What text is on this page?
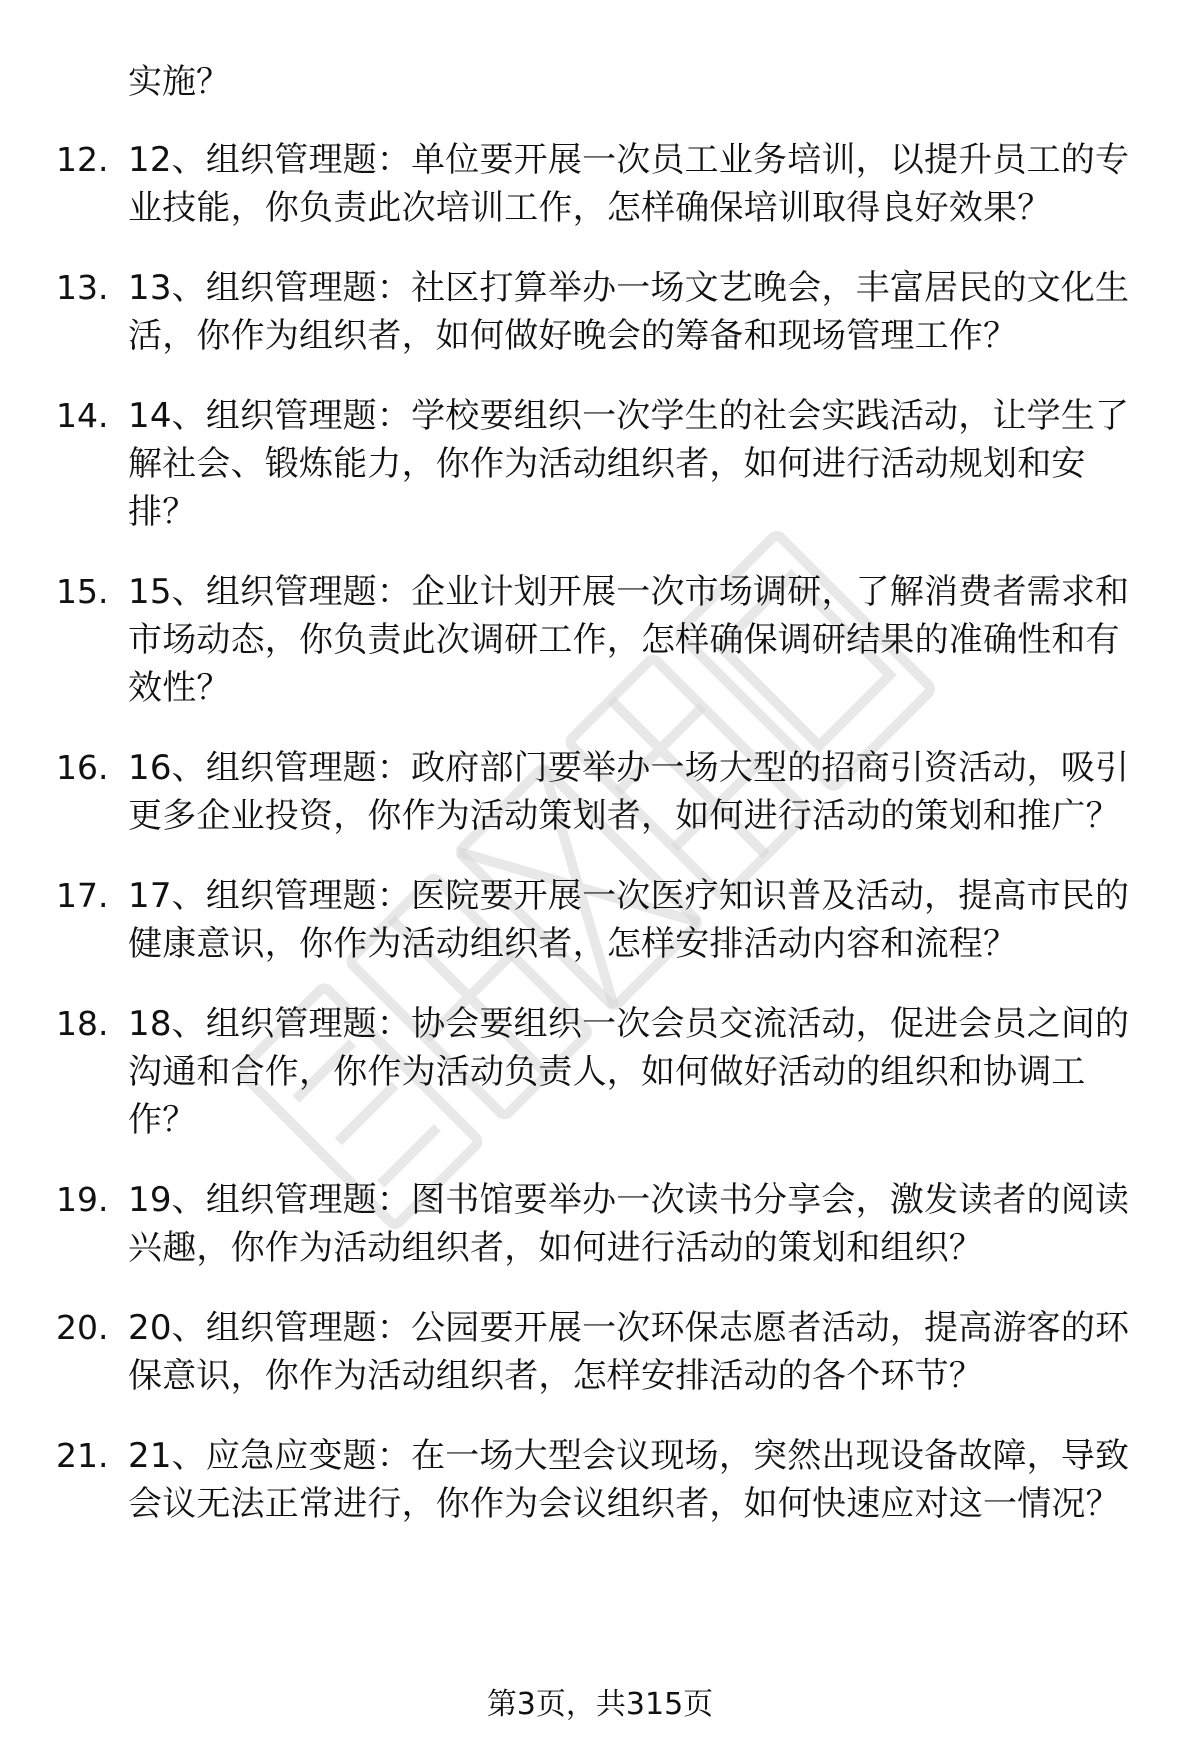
实施？
12. 12、组织管理题：单位要开展一次员工业务培训，以提升员工的专业技能，你负责此次培训工作，怎样确保培训取得良好效果？
13. 13、组织管理题：社区打算举办一场文艺晚会，丰富居民的文化生活，你作为组织者，如何做好晚会的筹备和现场管理工作？
14. 14、组织管理题：学校要组织一次学生的社会实践活动，让学生了解社会、锻炼能力，你作为活动组织者，如何进行活动规划和安排？
15. 15、组织管理题：企业计划开展一次市场调研，了解消费者需求和市场动态，你负责此次调研工作，怎样确保调研结果的准确性和有效性？
16. 16、组织管理题：政府部门要举办一场大型的招商引资活动，吸引更多企业投资，你作为活动策划者，如何进行活动的策划和推广？
17. 17、组织管理题：医院要开展一次医疗知识普及活动，提高市民的健康意识，你作为活动组织者，怎样安排活动内容和流程？
18. 18、组织管理题：协会要组织一次会员交流活动，促进会员之间的沟通和合作，你作为活动负责人，如何做好活动的组织和协调工作？
19. 19、组织管理题：图书馆要举办一次读书分享会，激发读者的阅读兴趣，你作为活动组织者，如何进行活动的策划和组织？
20. 20、组织管理题：公园要开展一次环保志愿者活动，提高游客的环保意识，你作为活动组织者，怎样安排活动的各个环节？
21. 21、应急应变题：在一场大型会议现场，突然出现设备故障，导致会议无法正常进行，你作为会议组织者，如何快速应对这一情况？
第3页，共315页
